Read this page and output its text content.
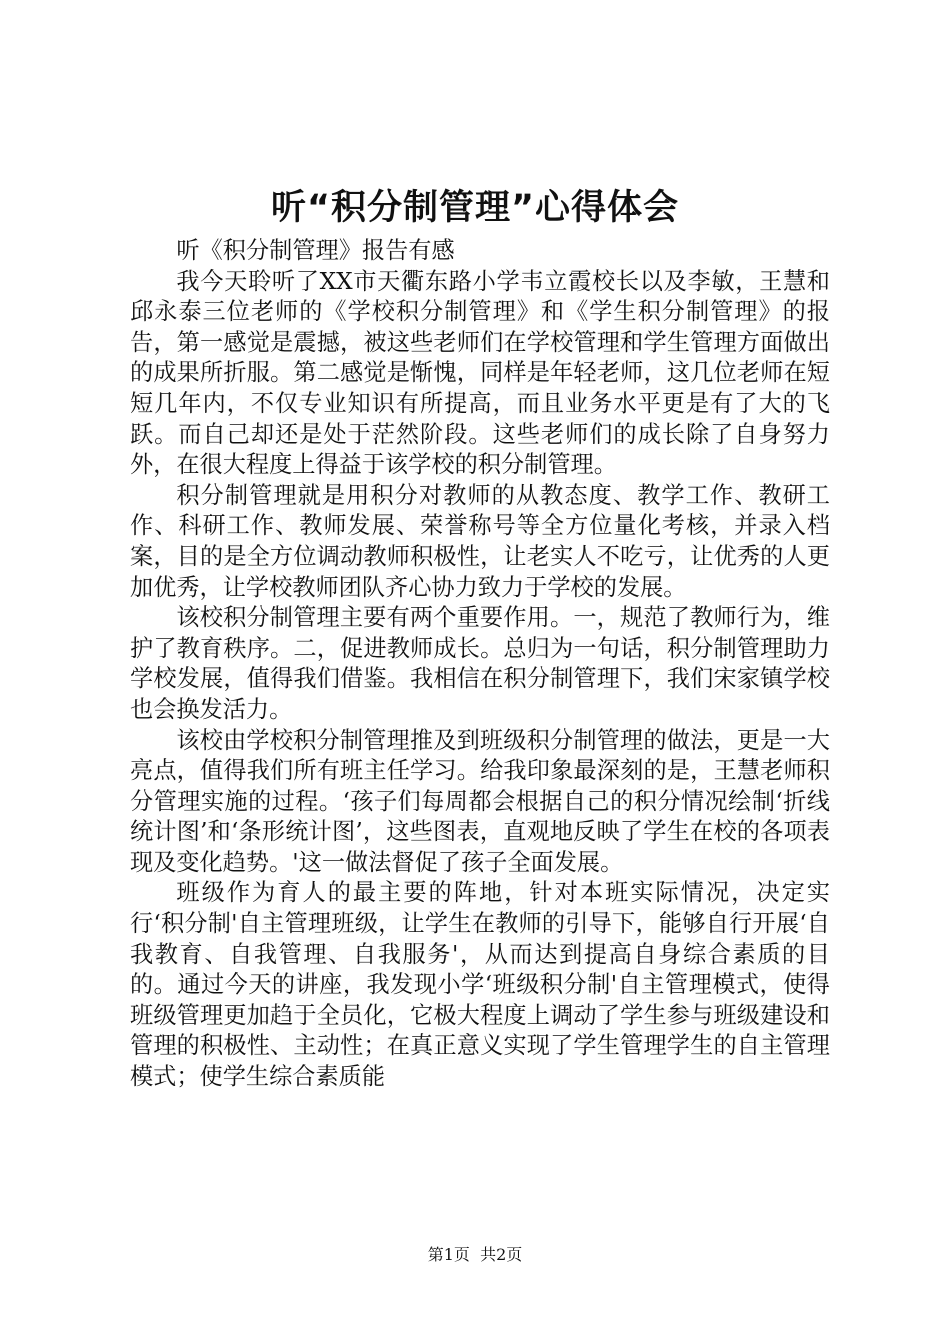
听“积分制管理”心得体会

听《积分制管理》报告有感

我今天聆听了XX市天衢东路小学韦立霞校长以及李敏，王慧和邱永泰三位老师的《学校积分制管理》和《学生积分制管理》的报告，第一感觉是震撼，被这些老师们在学校管理和学生管理方面做出的成果所折服。第二感觉是惭愧，同样是年轻老师，这几位老师在短短几年内，不仅专业知识有所提高，而且业务水平更是有了大的飞跃。而自己却还是处于茫然阶段。这些老师们的成长除了自身努力外，在很大程度上得益于该学校的积分制管理。

积分制管理就是用积分对教师的从教态度、教学工作、教研工作、科研工作、教师发展、荣誉称号等全方位量化考核，并录入档案，目的是全方位调动教师积极性，让老实人不吃亏，让优秀的人更加优秀，让学校教师团队齐心协力致力于学校的发展。

该校积分制管理主要有两个重要作用。一，规范了教师行为，维护了教育秩序。二，促进教师成长。总归为一句话，积分制管理助力学校发展，值得我们借鉴。我相信在积分制管理下，我们宋家镇学校也会换发活力。

该校由学校积分制管理推及到班级积分制管理的做法，更是一大亮点，值得我们所有班主任学习。给我印象最深刻的是，王慧老师积分管理实施的过程。‘孩子们每周都会根据自己的积分情况绘制‘折线统计图’和‘条形统计图’，这些图表，直观地反映了学生在校的各项表现及变化趋势。'这一做法督促了孩子全面发展。

班级作为育人的最主要的阵地，针对本班实际情况，决定实行‘积分制'自主管理班级，让学生在教师的引导下，能够自行开展‘自我教育、自我管理、自我服务'，从而达到提高自身综合素质的目的。通过今天的讲座，我发现小学‘班级积分制'自主管理模式，使得班级管理更加趋于全员化，它极大程度上调动了学生参与班级建设和管理的积极性、主动性；在真正意义实现了学生管理学生的自主管理模式；使学生综合素质能

第1页 共2页
